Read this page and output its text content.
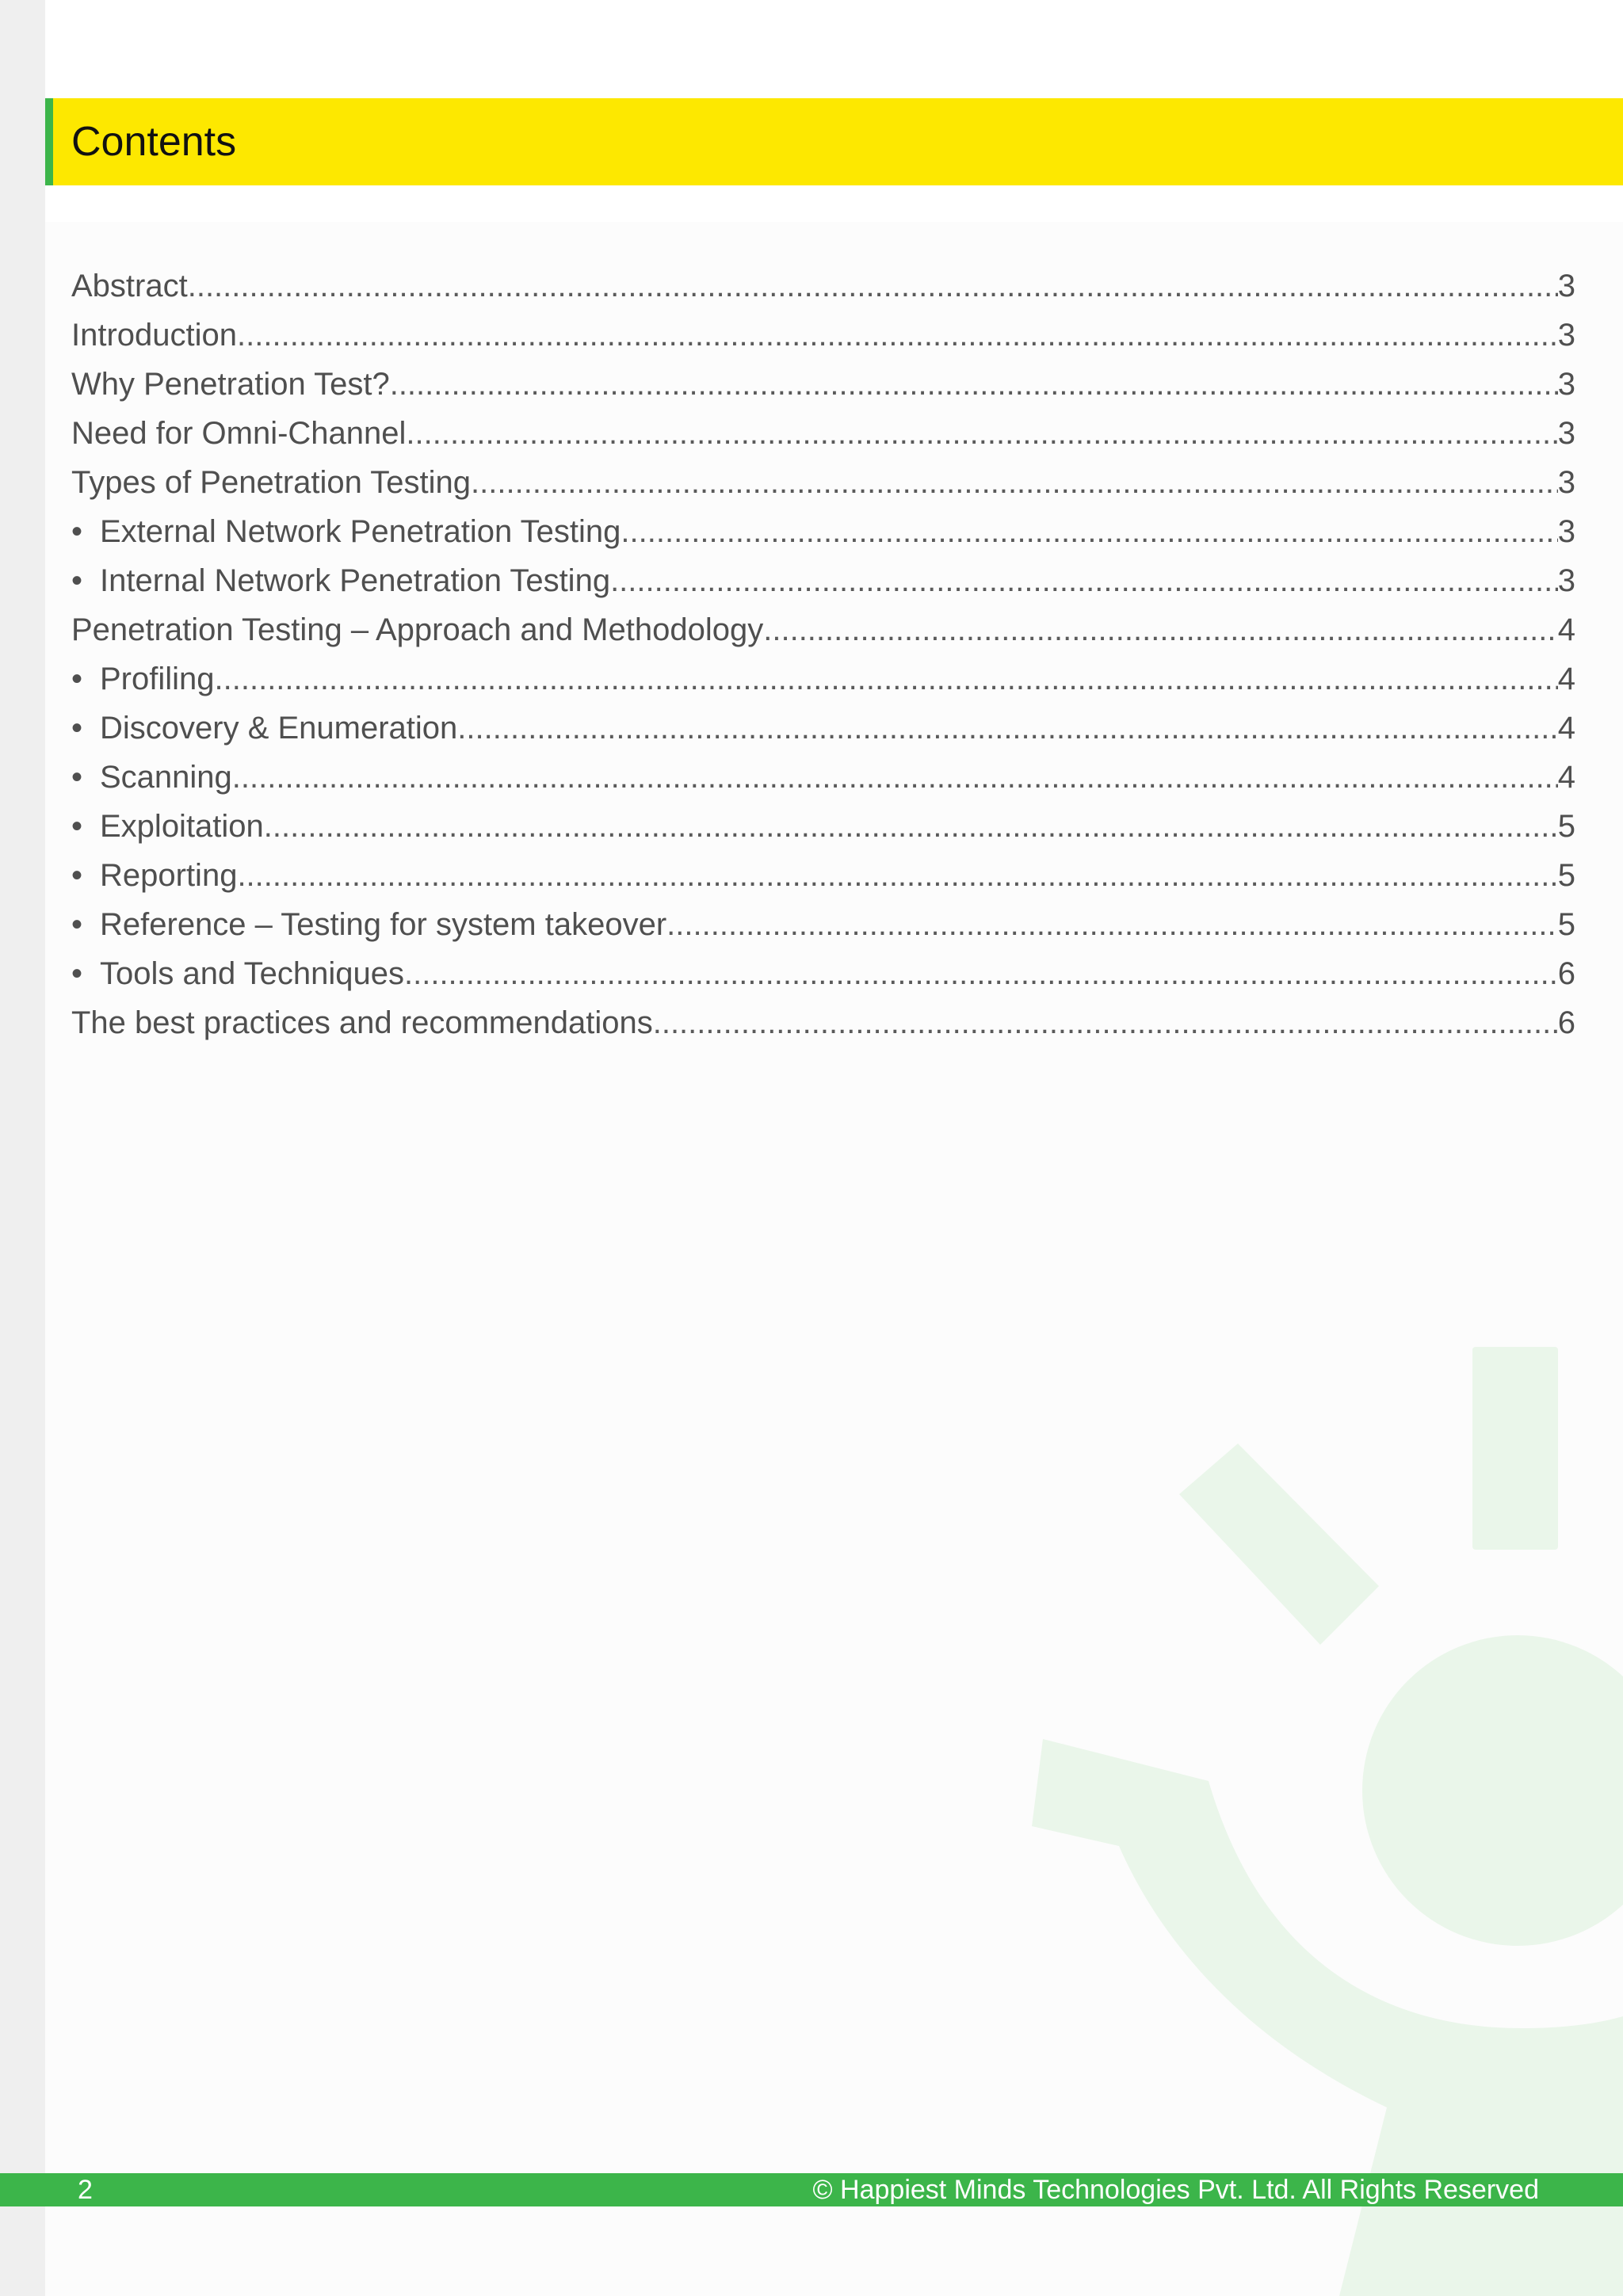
Contents
Abstract .....	3
Introduction .....	3
Why Penetration Test? .....	3
Need for Omni-Channel .....	3
Types of Penetration Testing .....	3
• External Network Penetration Testing .....	3
• Internal Network Penetration Testing .....	3
Penetration Testing – Approach and Methodology .....	4
• Profiling .....	4
• Discovery & Enumeration .....	4
• Scanning .....	4
• Exploitation .....	5
• Reporting .....	5
• Reference – Testing for system takeover .....	5
• Tools and Techniques .....	6
The best practices and recommendations .....	6
2	© Happiest Minds Technologies Pvt. Ltd. All Rights Reserved
